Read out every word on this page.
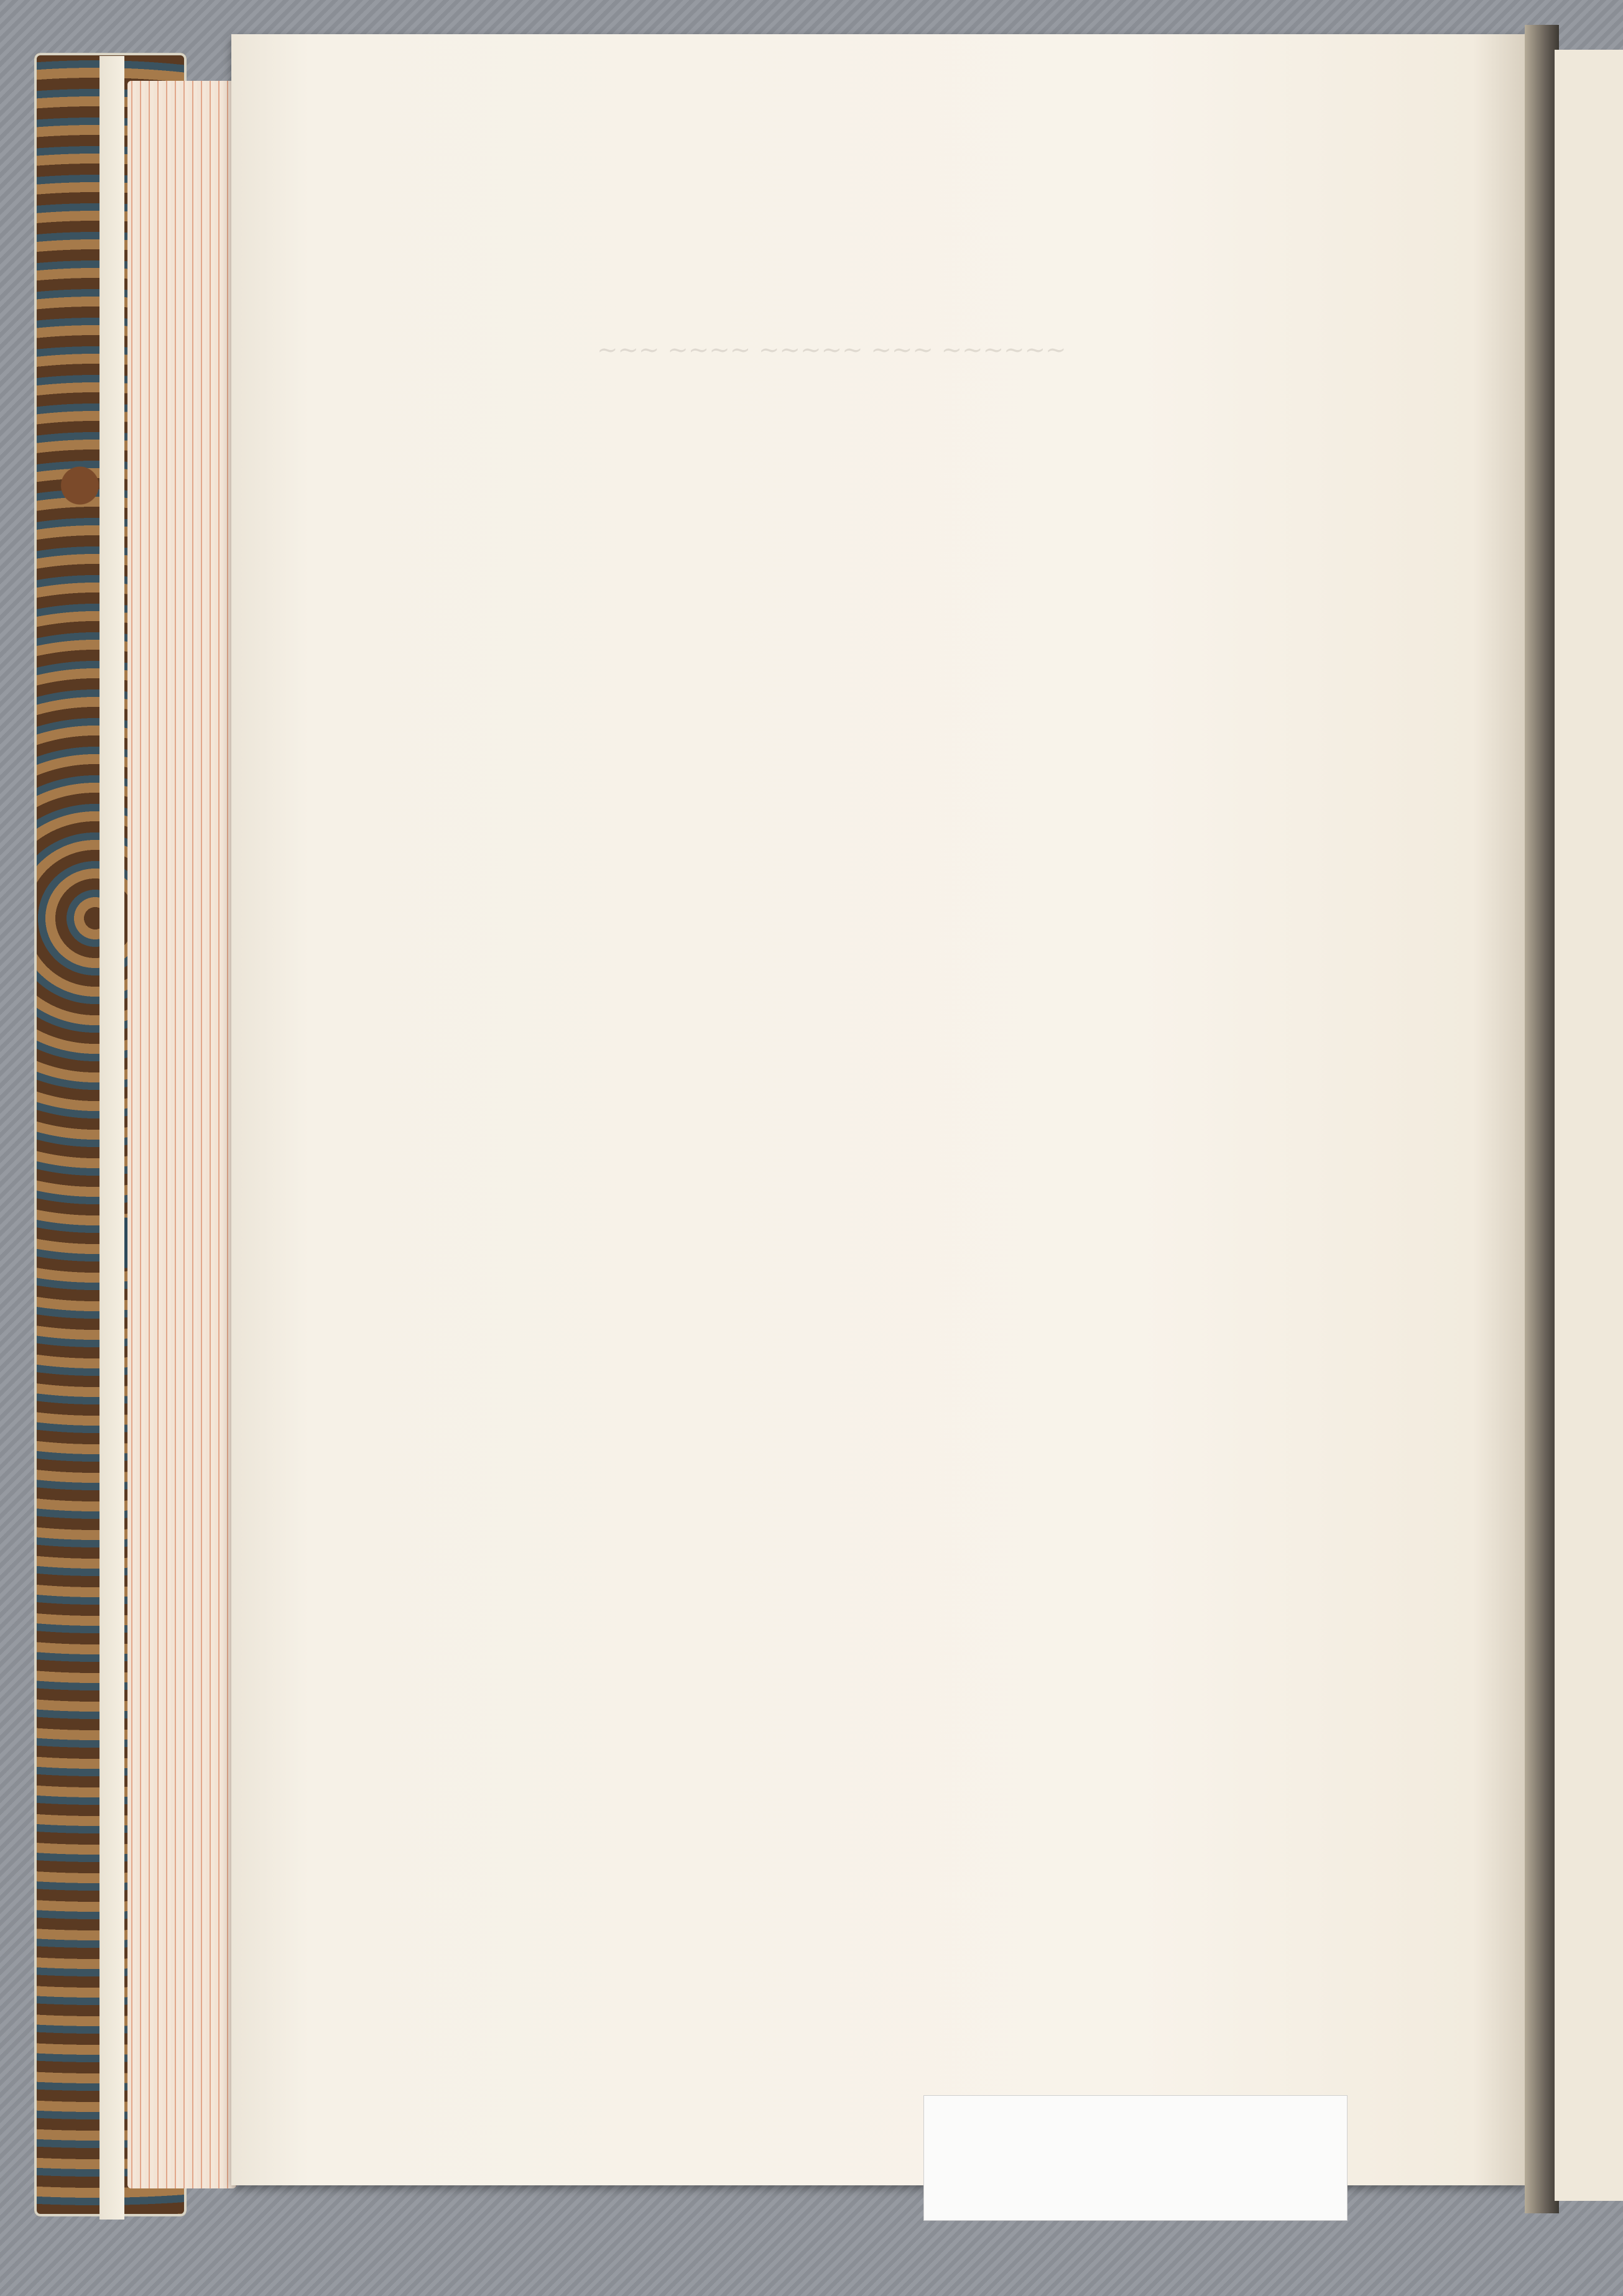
~~~ ~~~~ ~~~~~ ~~~ ~~~~~~
